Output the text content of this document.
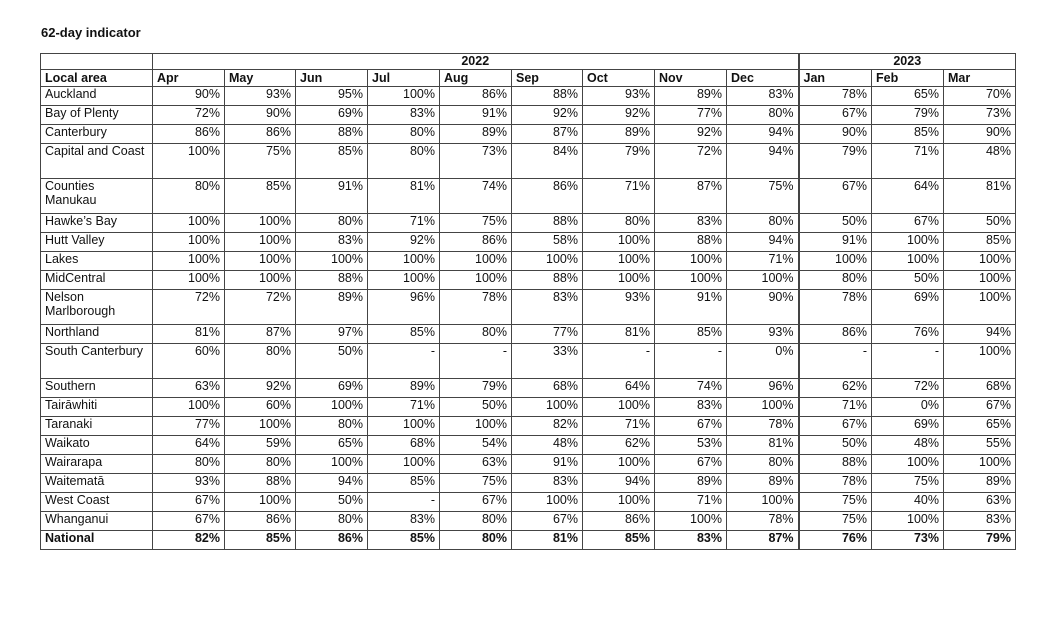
62-day indicator
	2022									2023		
Local area	Apr	May	Jun	Jul	Aug	Sep	Oct	Nov	Dec	Jan	Feb	Mar
Auckland	90%	93%	95%	100%	86%	88%	93%	89%	83%	78%	65%	70%
Bay of Plenty	72%	90%	69%	83%	91%	92%	92%	77%	80%	67%	79%	73%
Canterbury	86%	86%	88%	80%	89%	87%	89%	92%	94%	90%	85%	90%
Capital and Coast	100%	75%	85%	80%	73%	84%	79%	72%	94%	79%	71%	48%
Counties Manukau	80%	85%	91%	81%	74%	86%	71%	87%	75%	67%	64%	81%
Hawke’s Bay	100%	100%	80%	71%	75%	88%	80%	83%	80%	50%	67%	50%
Hutt Valley	100%	100%	83%	92%	86%	58%	100%	88%	94%	91%	100%	85%
Lakes	100%	100%	100%	100%	100%	100%	100%	100%	71%	100%	100%	100%
MidCentral	100%	100%	88%	100%	100%	88%	100%	100%	100%	80%	50%	100%
Nelson Marlborough	72%	72%	89%	96%	78%	83%	93%	91%	90%	78%	69%	100%
Northland	81%	87%	97%	85%	80%	77%	81%	85%	93%	86%	76%	94%
South Canterbury	60%	80%	50%	-	-	33%	-	-	0%	-	-	100%
Southern	63%	92%	69%	89%	79%	68%	64%	74%	96%	62%	72%	68%
Tairāwhiti	100%	60%	100%	71%	50%	100%	100%	83%	100%	71%	0%	67%
Taranaki	77%	100%	80%	100%	100%	82%	71%	67%	78%	67%	69%	65%
Waikato	64%	59%	65%	68%	54%	48%	62%	53%	81%	50%	48%	55%
Wairarapa	80%	80%	100%	100%	63%	91%	100%	67%	80%	88%	100%	100%
Waitematā	93%	88%	94%	85%	75%	83%	94%	89%	89%	78%	75%	89%
West Coast	67%	100%	50%	-	67%	100%	100%	71%	100%	75%	40%	63%
Whanganui	67%	86%	80%	83%	80%	67%	86%	100%	78%	75%	100%	83%
National	82%	85%	86%	85%	80%	81%	85%	83%	87%	76%	73%	79%
